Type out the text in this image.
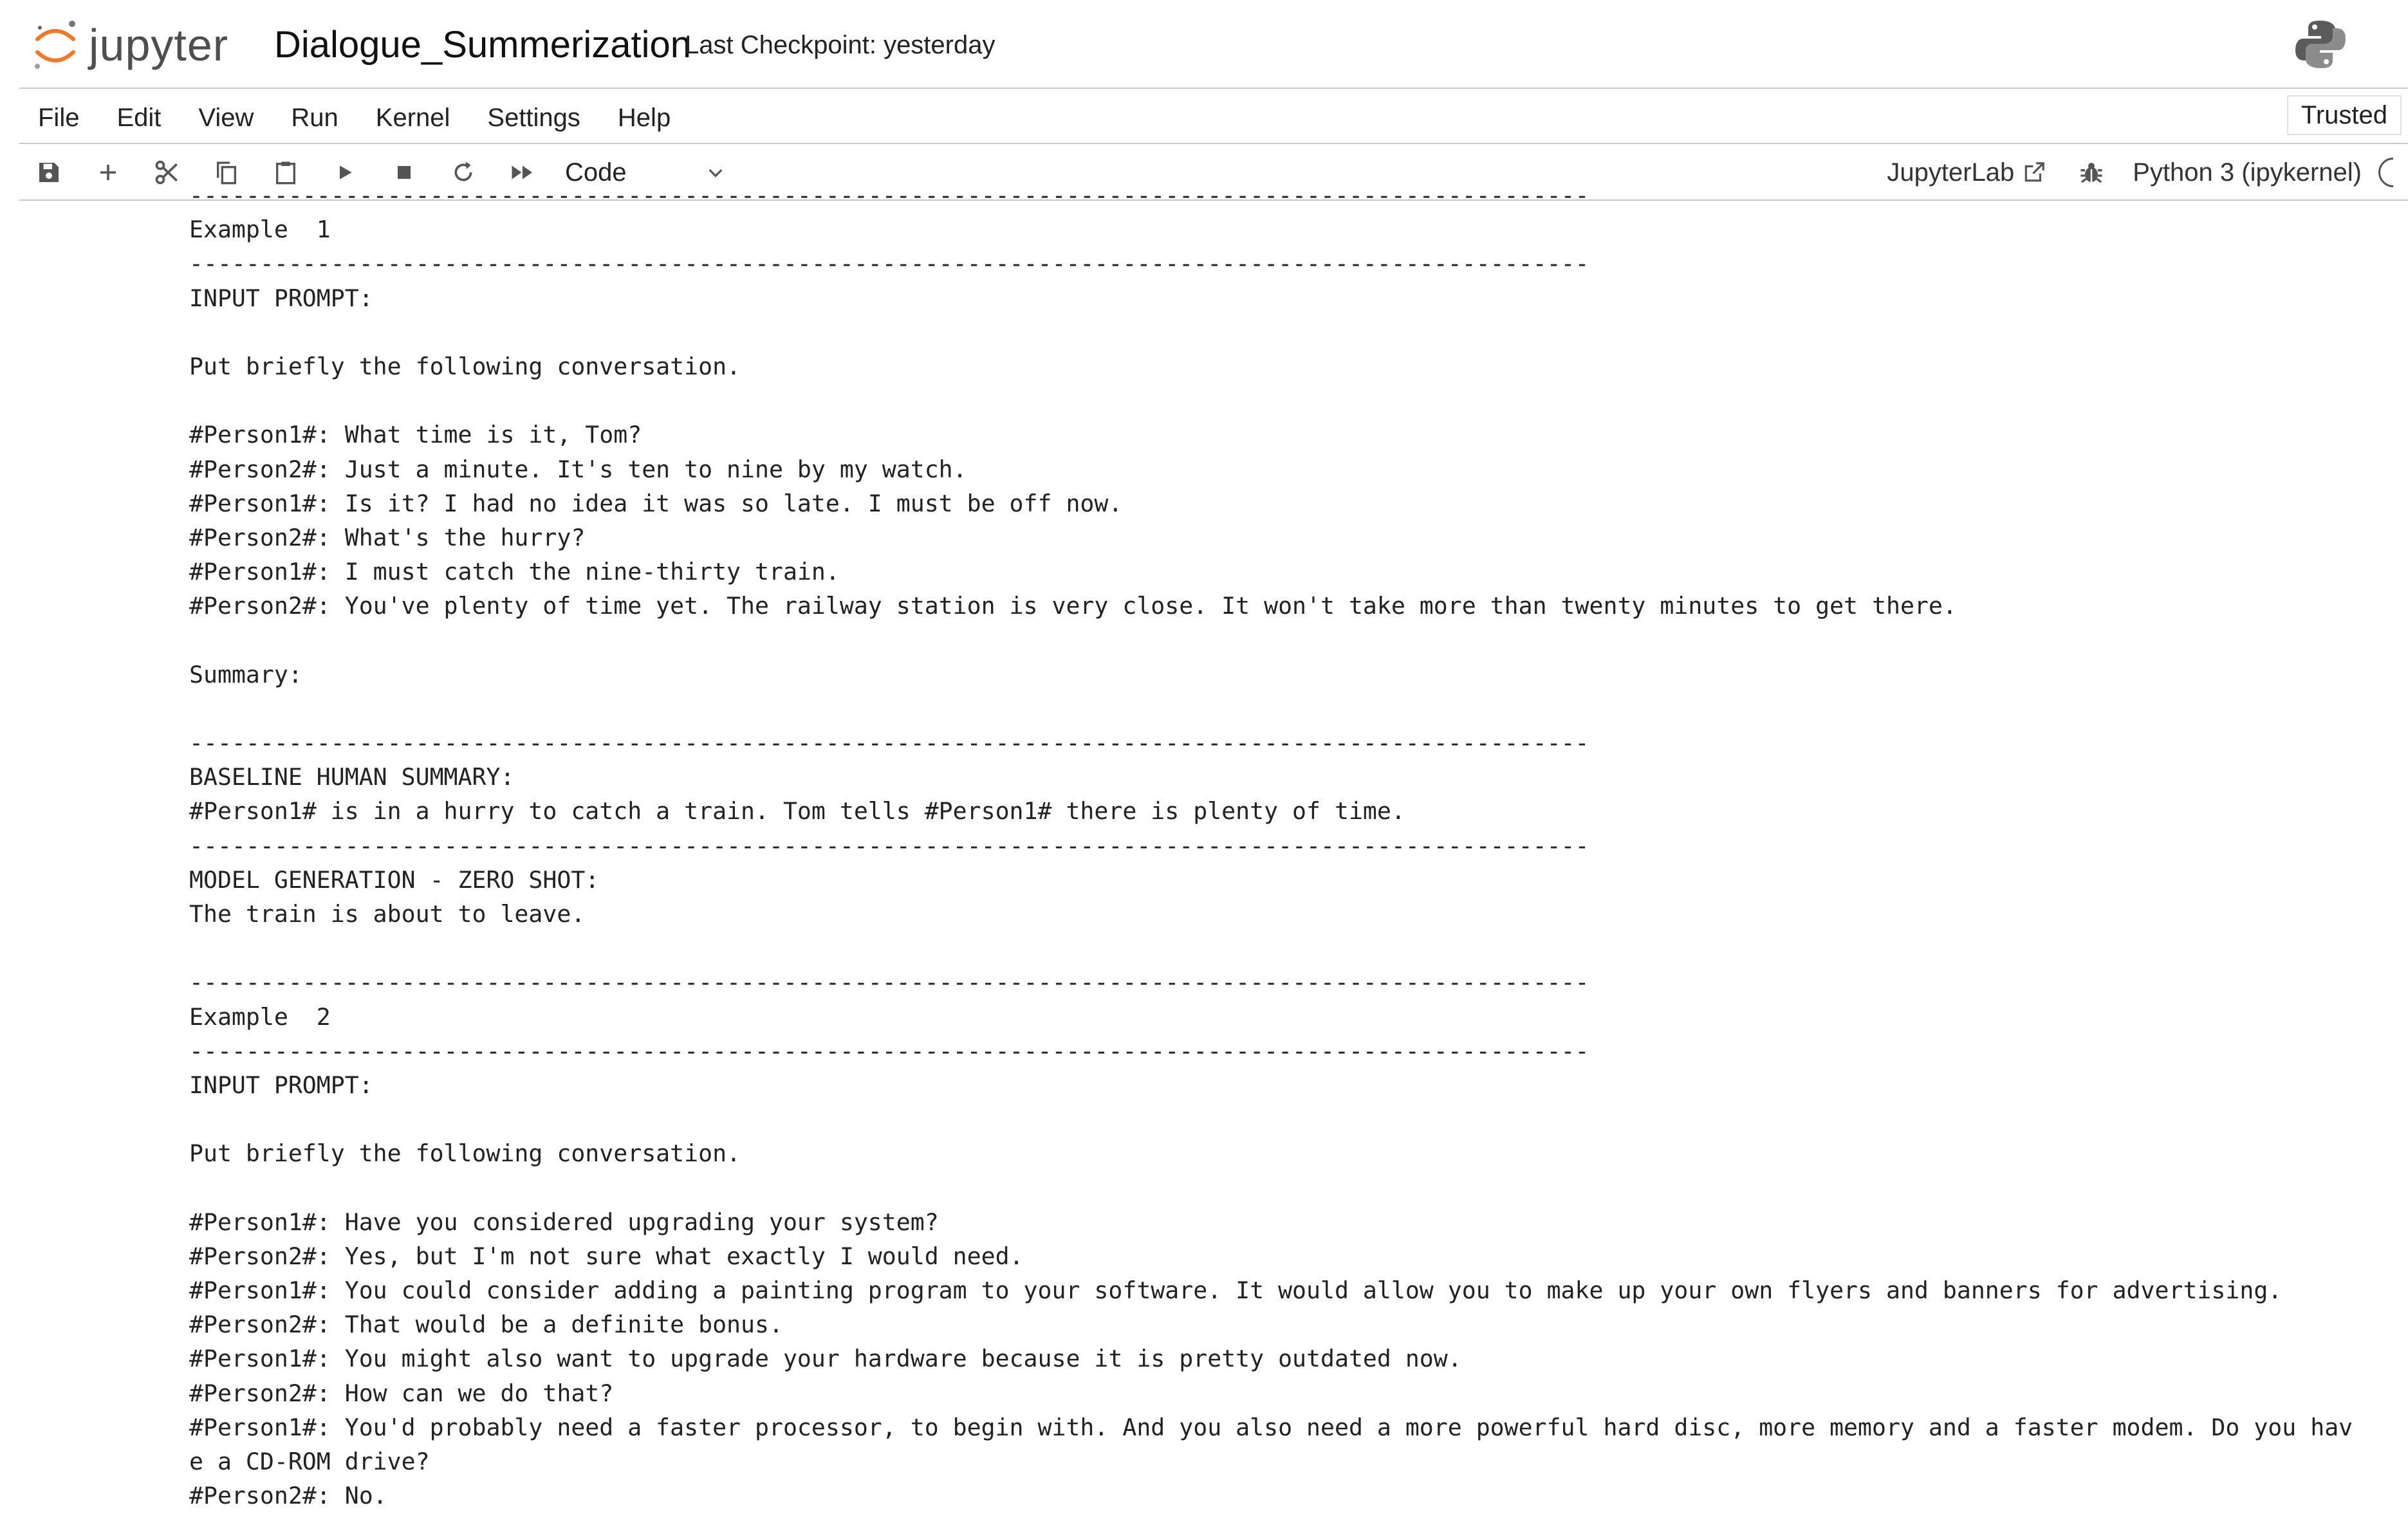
jupyter Dialogue_Summerization
Last Checkpoint: yesterday
File	Edit	View	Run	Kernel	Settings	Help	Trusted
Code	JupyterLab	Python 3 (ipykernel)
---------------------------------------------------------------------------------------------------
Example  1
---------------------------------------------------------------------------------------------------
INPUT PROMPT:
Put briefly the following conversation.
#Person1#: What time is it, Tom?
#Person2#: Just a minute. It's ten to nine by my watch.
#Person1#: Is it? I had no idea it was so late. I must be off now.
#Person2#: What's the hurry?
#Person1#: I must catch the nine-thirty train.
#Person2#: You've plenty of time yet. The railway station is very close. It won't take more than twenty minutes to get there.
Summary:
---------------------------------------------------------------------------------------------------
BASELINE HUMAN SUMMARY:
#Person1# is in a hurry to catch a train. Tom tells #Person1# there is plenty of time.
---------------------------------------------------------------------------------------------------
MODEL GENERATION - ZERO SHOT:
The train is about to leave.
---------------------------------------------------------------------------------------------------
Example  2
---------------------------------------------------------------------------------------------------
INPUT PROMPT:
Put briefly the following conversation.
#Person1#: Have you considered upgrading your system?
#Person2#: Yes, but I'm not sure what exactly I would need.
#Person1#: You could consider adding a painting program to your software. It would allow you to make up your own flyers and banners for advertising.
#Person2#: That would be a definite bonus.
#Person1#: You might also want to upgrade your hardware because it is pretty outdated now.
#Person2#: How can we do that?
#Person1#: You'd probably need a faster processor, to begin with. And you also need a more powerful hard disc, more memory and a faster modem. Do you hav
e a CD-ROM drive?
#Person2#: No.
